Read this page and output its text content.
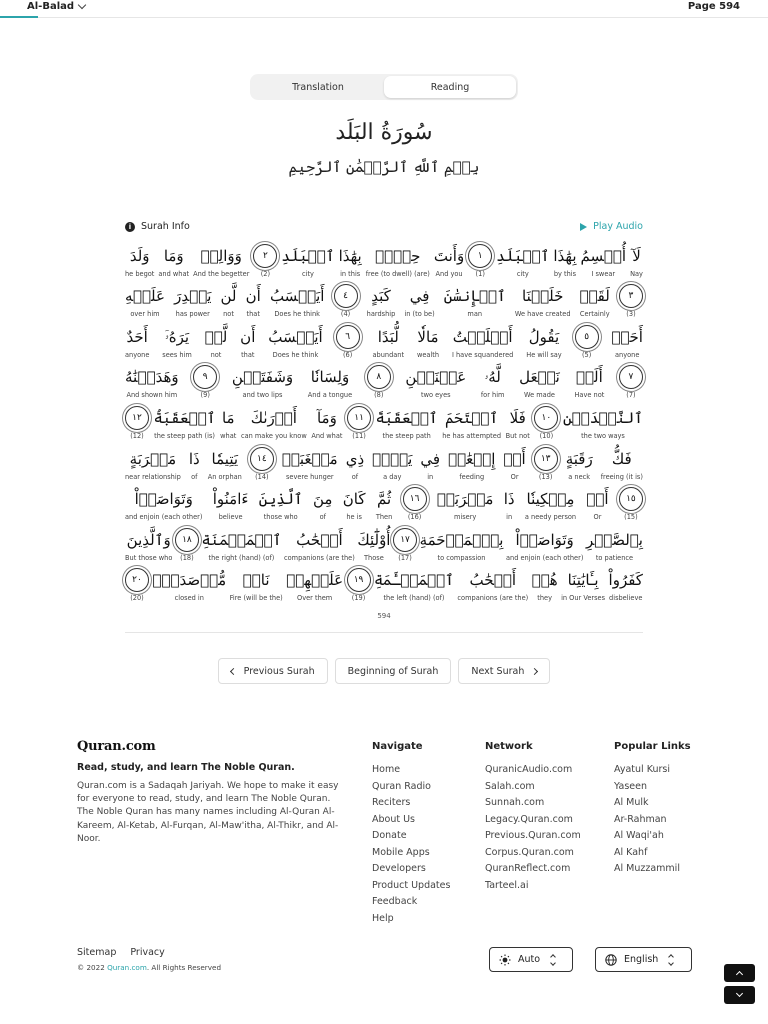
Al-Balad	Page 594
Translation	Reading
سُورَةُ البَلَد
بِسۡمِ ٱللَّهِ ٱلرَّحۡمَٰنِ ٱلرَّحِيمِ
i	Surah Info	Play Audio
لَآ
Nay
أُقۡسِمُ
I swear
بِهَٰذَا
by this
ٱلۡبَلَدِ
city
١
(1)
وَأَنتَ
And you
حِلُّۢ
free (to dwell) (are)
بِهَٰذَا
in this
ٱلۡبَلَدِ
city
٢
(2)
وَوَالِدٖ
And the begetter
وَمَا
and what
وَلَدَ
he begot
٣
(3)
لَقَدۡ
Certainly
خَلَقۡنَا
We have created
ٱلۡإِنسَٰنَ
man
فِي
in (to be)
كَبَدٍ
hardship
٤
(4)
أَيَحۡسَبُ
Does he think
أَن
that
لَّن
not
يَقۡدِرَ
has power
عَلَيۡهِ
over him
أَحَدٞ
anyone
٥
(5)
يَقُولُ
He will say
أَهۡلَكۡتُ
I have squandered
مَالٗا
wealth
لُّبَدًا
abundant
٦
(6)
أَيَحۡسَبُ
Does he think
أَن
that
لَّمۡ
not
يَرَهُۥٓ
sees him
أَحَدٌ
anyone
٧
(7)
أَلَمۡ
Have not
نَجۡعَل
We made
لَّهُۥ
for him
عَيۡنَيۡنِ
two eyes
٨
(8)
وَلِسَانٗا
And a tongue
وَشَفَتَيۡنِ
and two lips
٩
(9)
وَهَدَيۡنَٰهُ
And shown him
ٱلنَّجۡدَيۡنِ
the two ways
١٠
(10)
فَلَا
But not
ٱقۡتَحَمَ
he has attempted
ٱلۡعَقَبَةَ
the steep path
١١
(11)
وَمَآ
And what
أَدۡرَىٰكَ
can make you know
مَا
what
ٱلۡعَقَبَةُ
the steep path (is)
١٢
(12)
فَكُّ
freeing (it is)
رَقَبَةٍ
a neck
١٣
(13)
أَوۡ
Or
إِطۡعَٰمٞ
feeding
فِي
in
يَوۡمٖ
a day
ذِي
of
مَسۡغَبَةٖ
severe hunger
١٤
(14)
يَتِيمٗا
An orphan
ذَا
of
مَقۡرَبَةٍ
near relationship
١٥
(15)
أَوۡ
Or
مِسۡكِينٗا
a needy person
ذَا
in
مَتۡرَبَةٖ
misery
١٦
(16)
ثُمَّ
Then
كَانَ
he is
مِنَ
of
ٱلَّذِينَ
those who
ءَامَنُواْ
believe
وَتَوَاصَوۡاْ
and enjoin (each other)
بِٱلصَّبۡرِ
to patience
وَتَوَاصَوۡاْ
and enjoin (each other)
بِٱلۡمَرۡحَمَةِ
to compassion
١٧
(17)
أُوْلَٰٓئِكَ
Those
أَصۡحَٰبُ
companions (are the)
ٱلۡمَيۡمَنَةِ
the right (hand) (of)
١٨
(18)
وَٱلَّذِينَ
But those who
كَفَرُواْ
disbelieve
بِـَٔايَٰتِنَا
in Our Verses
هُمۡ
they
أَصۡحَٰبُ
companions (are the)
ٱلۡمَشۡـَٔمَةِ
the left (hand) (of)
١٩
(19)
عَلَيۡهِمۡ
Over them
نَارٞ
Fire (will be the)
مُّؤۡصَدَةُۢ
closed in
٢٠
(20)
594
Previous Surah	Beginning of Surah	Next Surah
Quran.com
Read, study, and learn The Noble Quran.
Quran.com is a Sadaqah Jariyah. We hope to make it easy for everyone to read, study, and learn The Noble Quran. The Noble Quran has many names including Al-Quran Al-Kareem, Al-Ketab, Al-Furqan, Al-Maw'itha, Al-Thikr, and Al-Noor.
Navigate
Home
Quran Radio
Reciters
About Us
Donate
Mobile Apps
Developers
Product Updates
Feedback
Help
Network
QuranicAudio.com
Salah.com
Sunnah.com
Legacy.Quran.com
Previous.Quran.com
Corpus.Quran.com
QuranReflect.com
Tarteel.ai
Popular Links
Ayatul Kursi
Yaseen
Al Mulk
Ar-Rahman
Al Waqi'ah
Al Kahf
Al Muzzammil
Sitemap Privacy
© 2022 Quran.com. All Rights Reserved
Auto	English
